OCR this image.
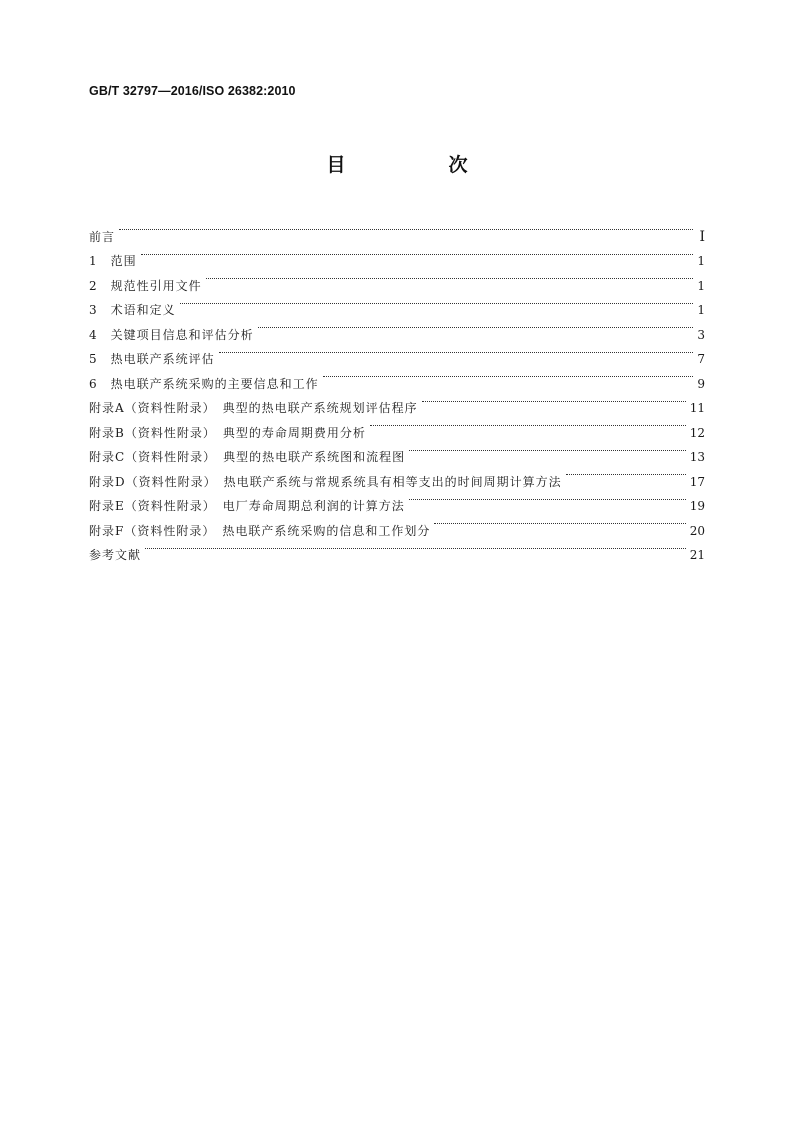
GB/T 32797—2016/ISO 26382:2010
目　次
前言	I
1　范围	1
2　规范性引用文件	1
3　术语和定义	1
4　关键项目信息和评估分析	3
5　热电联产系统评估	7
6　热电联产系统采购的主要信息和工作	9
附录A（资料性附录）　典型的热电联产系统规划评估程序	11
附录B（资料性附录）　典型的寿命周期费用分析	12
附录C（资料性附录）　典型的热电联产系统图和流程图	13
附录D（资料性附录）　热电联产系统与常规系统具有相等支出的时间周期计算方法	17
附录E（资料性附录）　电厂寿命周期总利润的计算方法	19
附录F（资料性附录）　热电联产系统采购的信息和工作划分	20
参考文献	21
